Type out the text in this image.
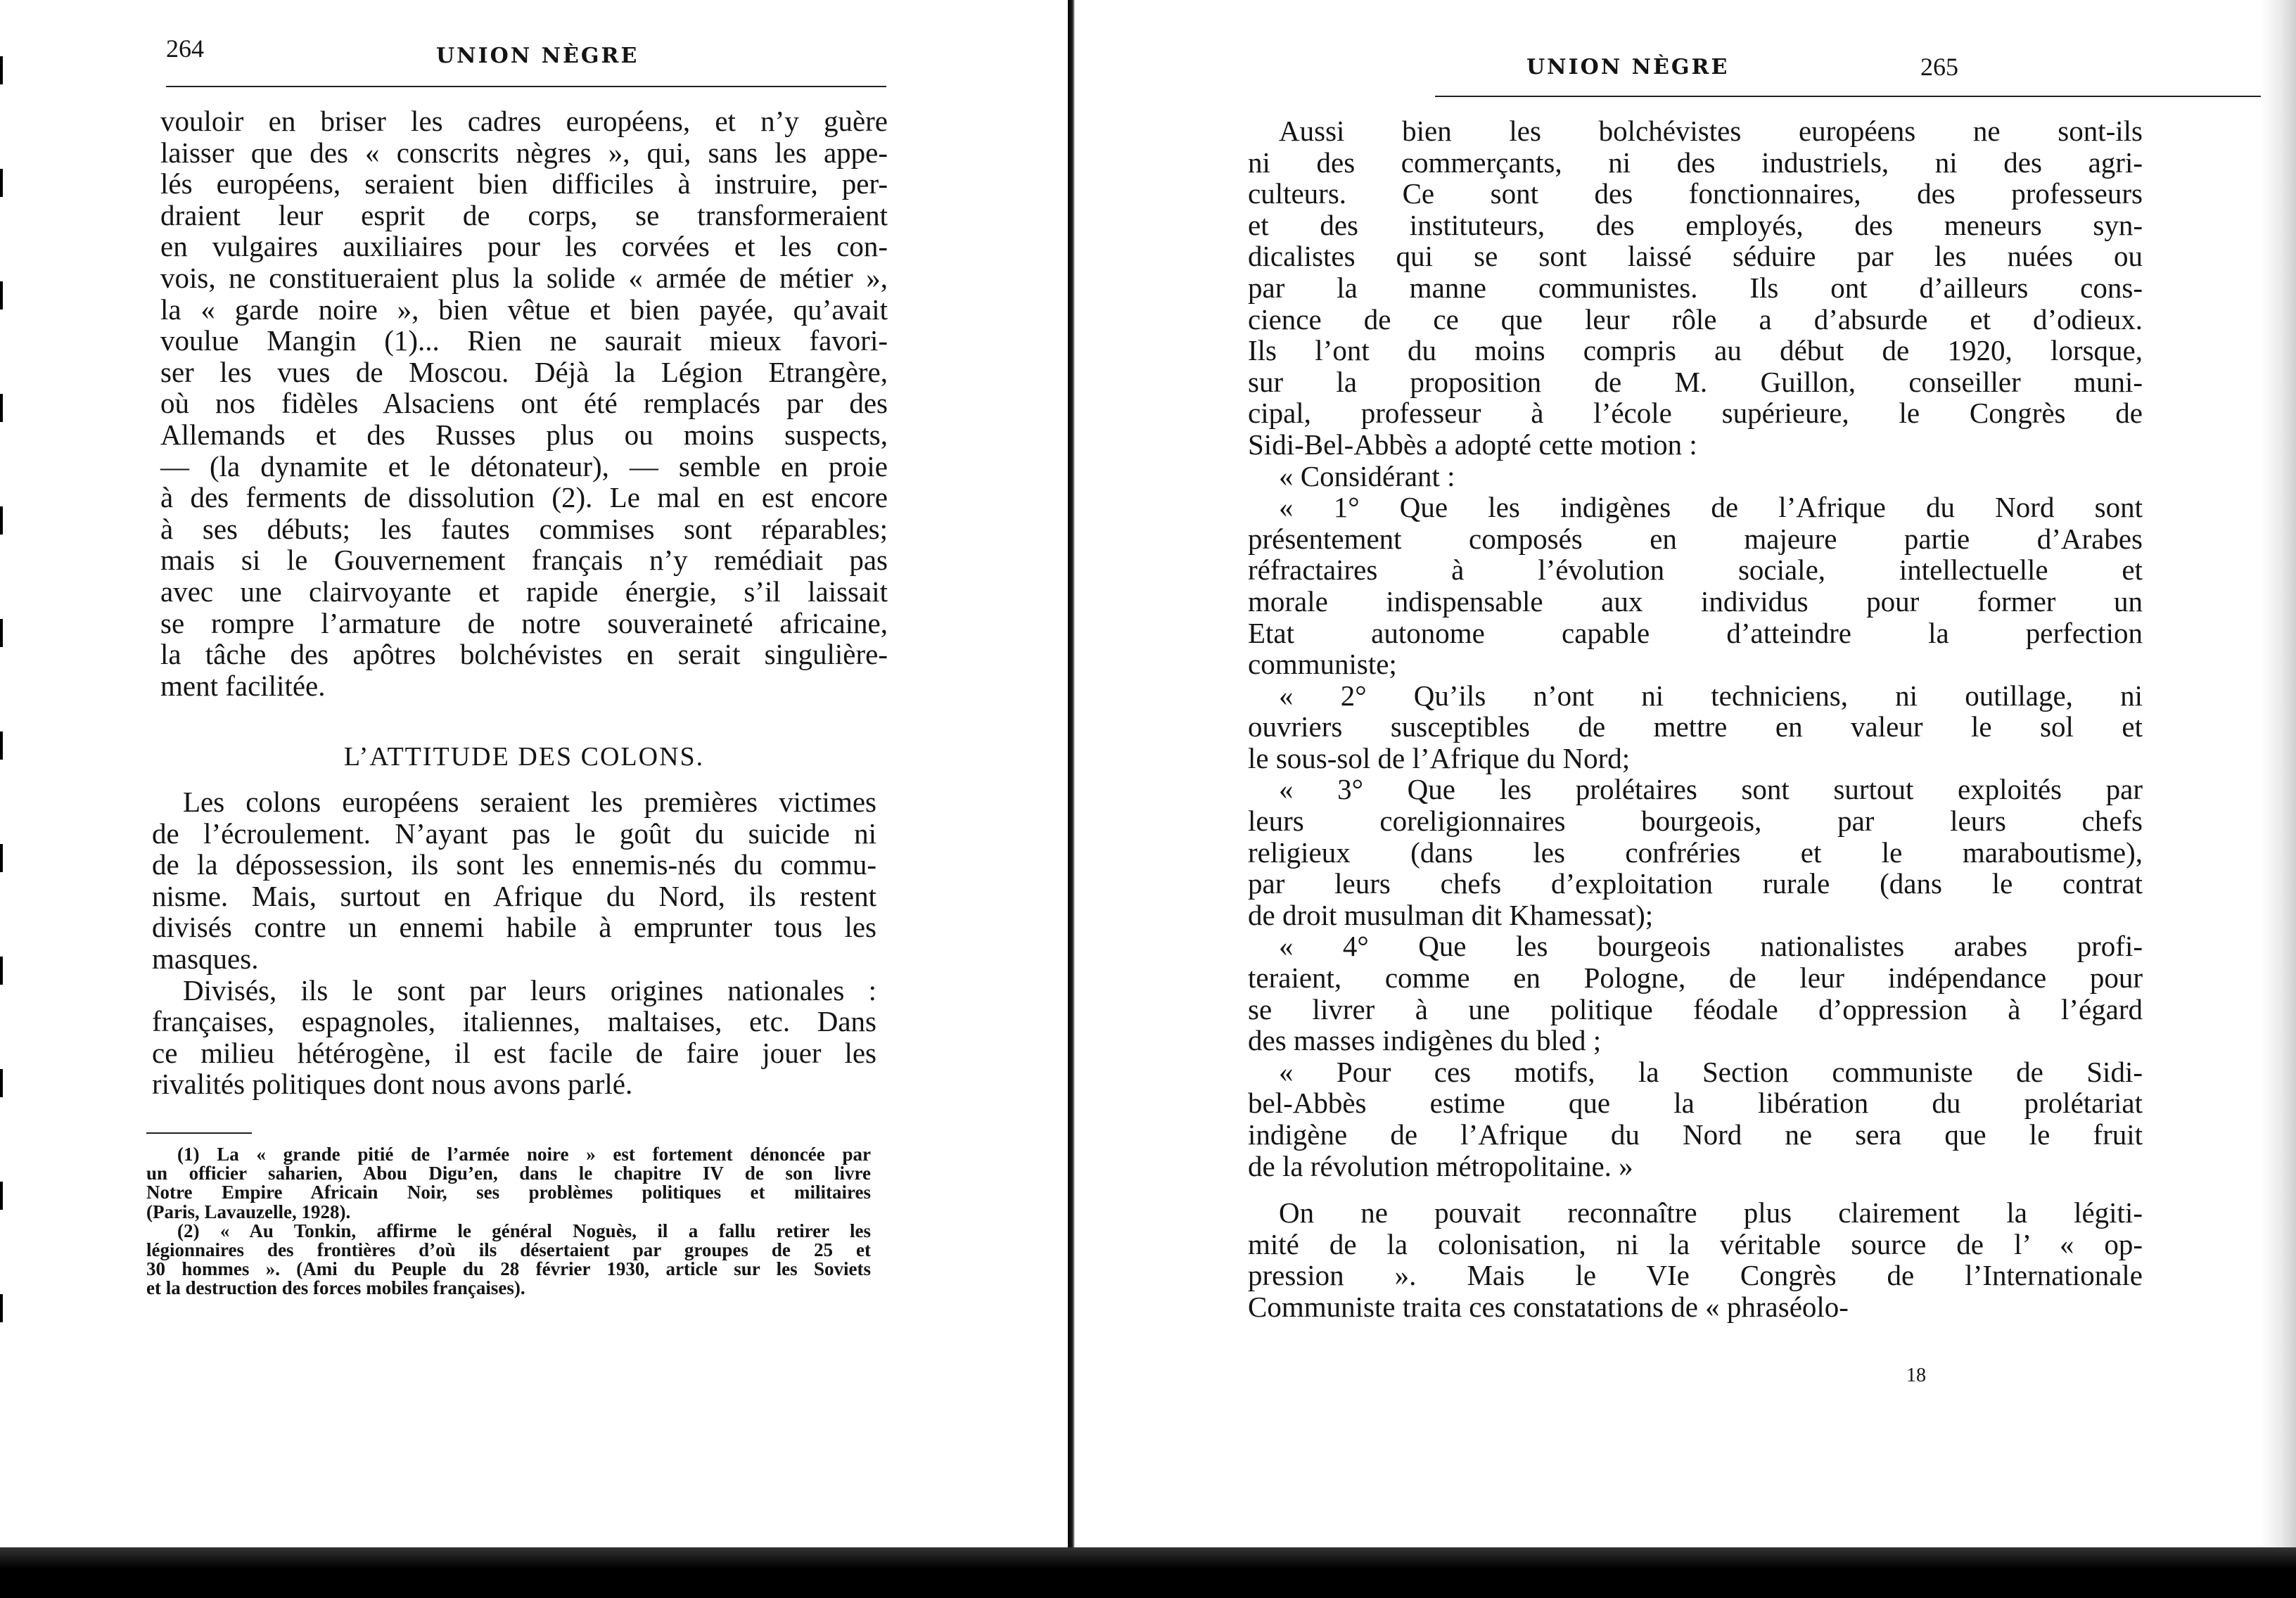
264	UNION NÈGRE
vouloir en briser les cadres européens, et n’y guère
laisser que des « conscrits nègres », qui, sans les appe-
lés européens, seraient bien difficiles à instruire, per-
draient leur esprit de corps, se transformeraient
en vulgaires auxiliaires pour les corvées et les con-
vois, ne constitueraient plus la solide « armée de métier »,
la « garde noire », bien vêtue et bien payée, qu’avait
voulue Mangin (1)... Rien ne saurait mieux favori-
ser les vues de Moscou. Déjà la Légion Etrangère,
où nos fidèles Alsaciens ont été remplacés par des
Allemands et des Russes plus ou moins suspects,
— (la dynamite et le détonateur), — semble en proie
à des ferments de dissolution (2). Le mal en est encore
à ses débuts; les fautes commises sont réparables;
mais si le Gouvernement français n’y remédiait pas
avec une clairvoyante et rapide énergie, s’il laissait
se rompre l’armature de notre souveraineté africaine,
la tâche des apôtres bolchévistes en serait singulière-
ment facilitée.
L’ATTITUDE DES COLONS.
Les colons européens seraient les premières victimes
de l’écroulement. N’ayant pas le goût du suicide ni
de la dépossession, ils sont les ennemis-nés du commu-
nisme. Mais, surtout en Afrique du Nord, ils restent
divisés contre un ennemi habile à emprunter tous les
masques.
Divisés, ils le sont par leurs origines nationales :
françaises, espagnoles, italiennes, maltaises, etc. Dans
ce milieu hétérogène, il est facile de faire jouer les
rivalités politiques dont nous avons parlé.
(1) La « grande pitié de l’armée noire » est fortement dénoncée par
un officier saharien, Abou Digu’en, dans le chapitre IV de son livre
Notre Empire Africain Noir, ses problèmes politiques et militaires
(Paris, Lavauzelle, 1928).
(2) « Au Tonkin, affirme le général Noguès, il a fallu retirer les
légionnaires des frontières d’où ils désertaient par groupes de 25 et
30 hommes ». (Ami du Peuple du 28 février 1930, article sur les Soviets
et la destruction des forces mobiles françaises).
UNION NÈGRE	265
Aussi bien les bolchévistes européens ne sont-ils
ni des commerçants, ni des industriels, ni des agri-
culteurs. Ce sont des fonctionnaires, des professeurs
et des instituteurs, des employés, des meneurs syn-
dicalistes qui se sont laissé séduire par les nuées ou
par la manne communistes. Ils ont d’ailleurs cons-
cience de ce que leur rôle a d’absurde et d’odieux.
Ils l’ont du moins compris au début de 1920, lorsque,
sur la proposition de M. Guillon, conseiller muni-
cipal, professeur à l’école supérieure, le Congrès de
Sidi-Bel-Abbès a adopté cette motion :
« Considérant :
« 1° Que les indigènes de l’Afrique du Nord sont
présentement composés en majeure partie d’Arabes
réfractaires à l’évolution sociale, intellectuelle et
morale indispensable aux individus pour former un
Etat autonome capable d’atteindre la perfection
communiste;
« 2° Qu’ils n’ont ni techniciens, ni outillage, ni
ouvriers susceptibles de mettre en valeur le sol et
le sous-sol de l’Afrique du Nord;
« 3° Que les prolétaires sont surtout exploités par
leurs coreligionnaires bourgeois, par leurs chefs
religieux (dans les confréries et le maraboutisme),
par leurs chefs d’exploitation rurale (dans le contrat
de droit musulman dit Khamessat);
« 4° Que les bourgeois nationalistes arabes profi-
teraient, comme en Pologne, de leur indépendance pour
se livrer à une politique féodale d’oppression à l’égard
des masses indigènes du bled ;
« Pour ces motifs, la Section communiste de Sidi-
bel-Abbès estime que la libération du prolétariat
indigène de l’Afrique du Nord ne sera que le fruit
de la révolution métropolitaine. »
On ne pouvait reconnaître plus clairement la légiti-
mité de la colonisation, ni la véritable source de l’ « op-
pression ». Mais le VIe Congrès de l’Internationale
Communiste traita ces constatations de « phraséolo-
18
